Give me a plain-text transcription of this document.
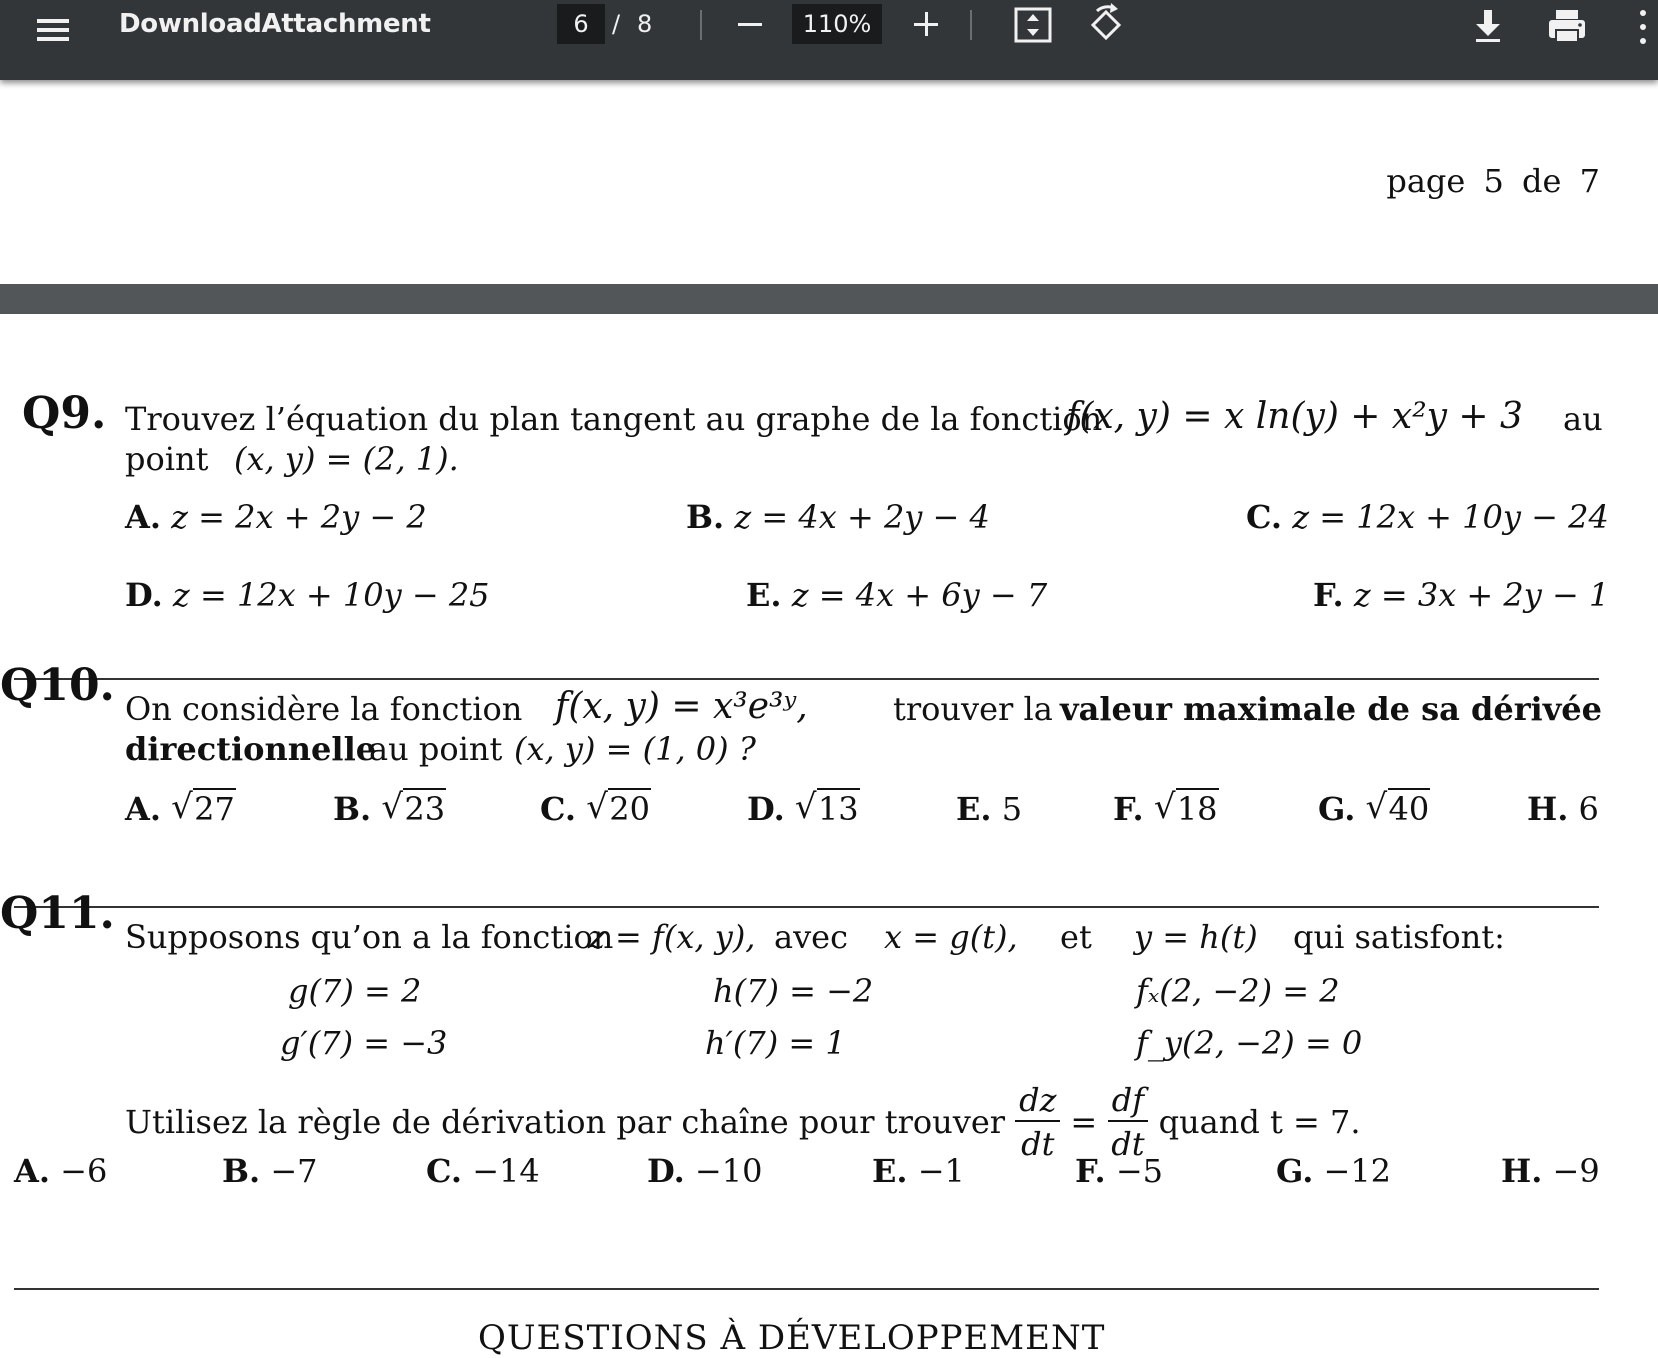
DownloadAttachment
6	/ 8
110%
page 5 de 7
Q9. Trouvez l’équation du plan tangent au graphe de la fonction
f(x, y) = x ln(y) + x²y + 3 au
point (x, y) = (2, 1).
A. z = 2x + 2y − 2	B. z = 4x + 2y − 4	C. z = 12x + 10y − 24
D. z = 12x + 10y − 25	E. z = 4x + 6y − 7	F. z = 3x + 2y − 1
Q10. On considère la fonction f(x, y) = x³e³ʸ,	trouver la valeur maximale de sa dérivée
directionnelle
au point (x, y) = (1, 0) ?
A. √ 27	B. √ 23	C. √ 20	D. √ 13	E. 5	F. √ 18	G. √ 40	H. 6
Q11. Supposons qu’on a la fonction
z = f(x, y), avec x = g(t), et y = h(t) qui satisfont:
g(7) = 2	h(7) = −2	fₓ(2, −2) = 2
g′(7) = −3	h′(7) = 1	f_y(2, −2) = 0
Utilisez la règle de dérivation par chaîne pour trouver $\frac{dz}{dt} = \frac{df}{dt}$ quand t = 7.
A. −6	B. −7	C. −14	D. −10	E. −1	F. −5	G. −12	H. −9
QUESTIONS À DÉVELOPPEMENT
